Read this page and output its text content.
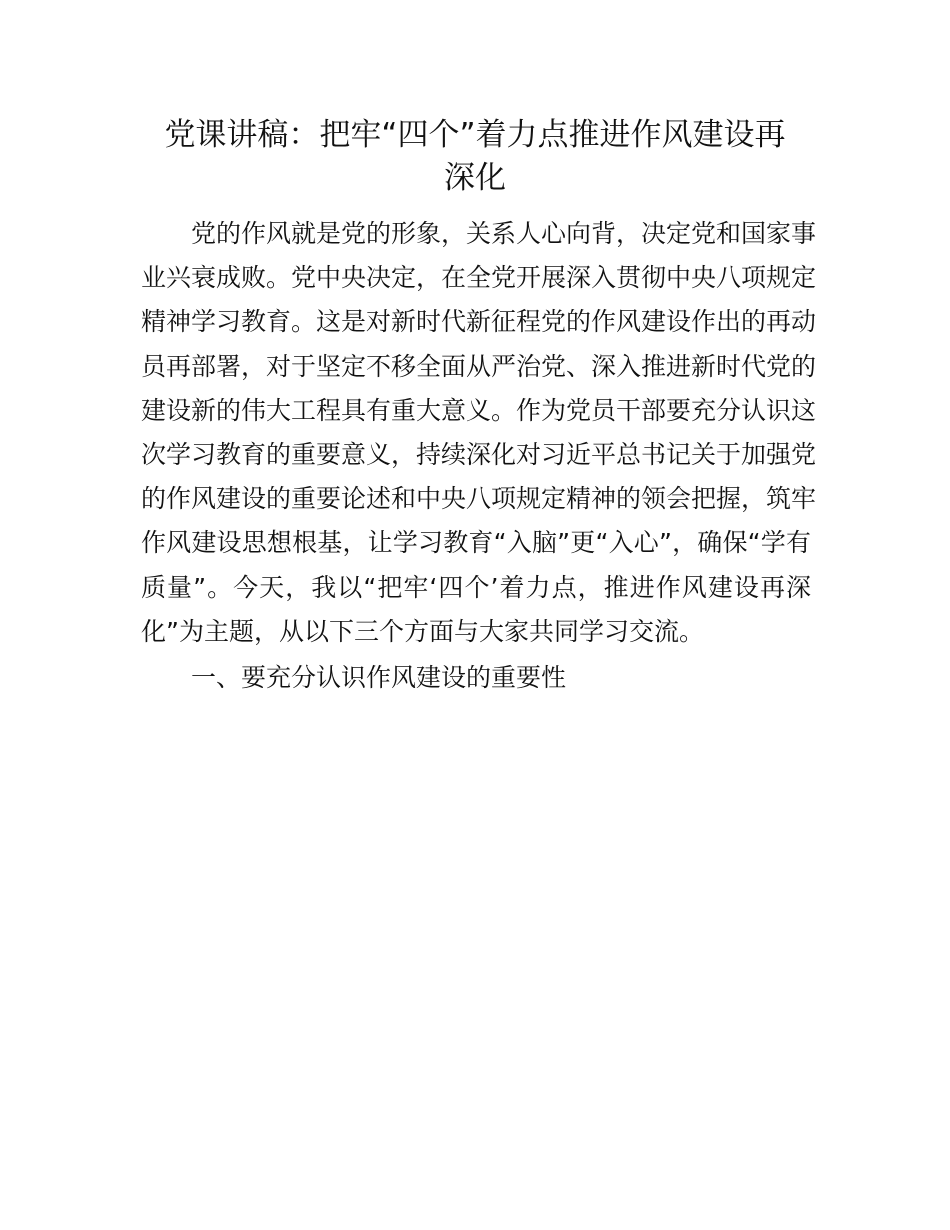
党课讲稿：把牢“四个”着力点推进作风建设再
深化
党的作风就是党的形象，关系人心向背，决定党和国家事
业兴衰成败。党中央决定，在全党开展深入贯彻中央八项规定
精神学习教育。这是对新时代新征程党的作风建设作出的再动
员再部署，对于坚定不移全面从严治党、深入推进新时代党的
建设新的伟大工程具有重大意义。作为党员干部要充分认识这
次学习教育的重要意义，持续深化对习近平总书记关于加强党
的作风建设的重要论述和中央八项规定精神的领会把握，筑牢
作风建设思想根基，让学习教育“入脑”更“入心”，确保“学有
质量”。今天，我以“把牢‘四个’着力点，推进作风建设再深
化”为主题，从以下三个方面与大家共同学习交流。
一、要充分认识作风建设的重要性
